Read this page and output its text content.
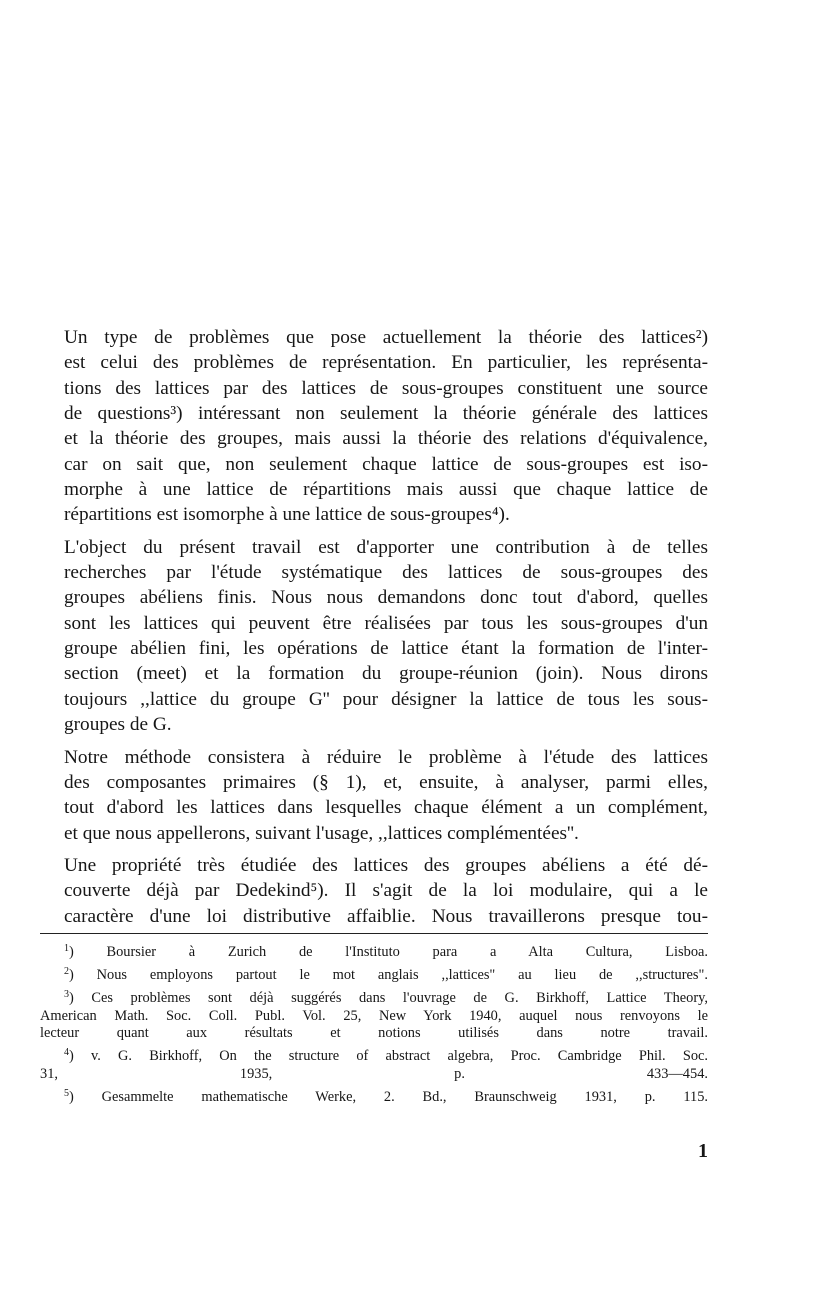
Un type de problèmes que pose actuellement la théorie des lattices²)
est celui des problèmes de représentation. En particulier, les représenta-
tions des lattices par des lattices de sous-groupes constituent une source
de questions³) intéressant non seulement la théorie générale des lattices
et la théorie des groupes, mais aussi la théorie des relations d'équivalence,
car on sait que, non seulement chaque lattice de sous-groupes est iso-
morphe à une lattice de répartitions mais aussi que chaque lattice de
répartitions est isomorphe à une lattice de sous-groupes⁴).

L'object du présent travail est d'apporter une contribution à de telles
recherches par l'étude systématique des lattices de sous-groupes des
groupes abéliens finis. Nous nous demandons donc tout d'abord, quelles
sont les lattices qui peuvent être réalisées par tous les sous-groupes d'un
groupe abélien fini, les opérations de lattice étant la formation de l'inter-
section (meet) et la formation du groupe-réunion (join). Nous dirons
toujours ,,lattice du groupe G'' pour désigner la lattice de tous les sous-
groupes de G.

Notre méthode consistera à réduire le problème à l'étude des lattices
des composantes primaires (§ 1), et, ensuite, à analyser, parmi elles,
tout d'abord les lattices dans lesquelles chaque élément a un complément,
et que nous appellerons, suivant l'usage, ,,lattices complémentées''.

Une propriété très étudiée des lattices des groupes abéliens a été dé-
couverte déjà par Dedekind⁵). Il s'agit de la loi modulaire, qui a le
caractère d'une loi distributive affaiblie. Nous travaillerons presque tou-

$^1$) Boursier à Zurich de l'Instituto para a Alta Cultura, Lisboa.
$^2$) Nous employons partout le mot anglais ,,lattices" au lieu de ,,structures".
$^3$) Ces problèmes sont déjà suggérés dans l'ouvrage de G. Birkhoff, Lattice Theory,
American Math. Soc. Coll. Publ. Vol. 25, New York 1940, auquel nous renvoyons le
lecteur quant aux résultats et notions utilisés dans notre travail.
$^4$) v. G. Birkhoff, On the structure of abstract algebra, Proc. Cambridge Phil. Soc.
31, 1935, p. 433—454.
$^5$) Gesammelte mathematische Werke, 2. Bd., Braunschweig 1931, p. 115.
1
